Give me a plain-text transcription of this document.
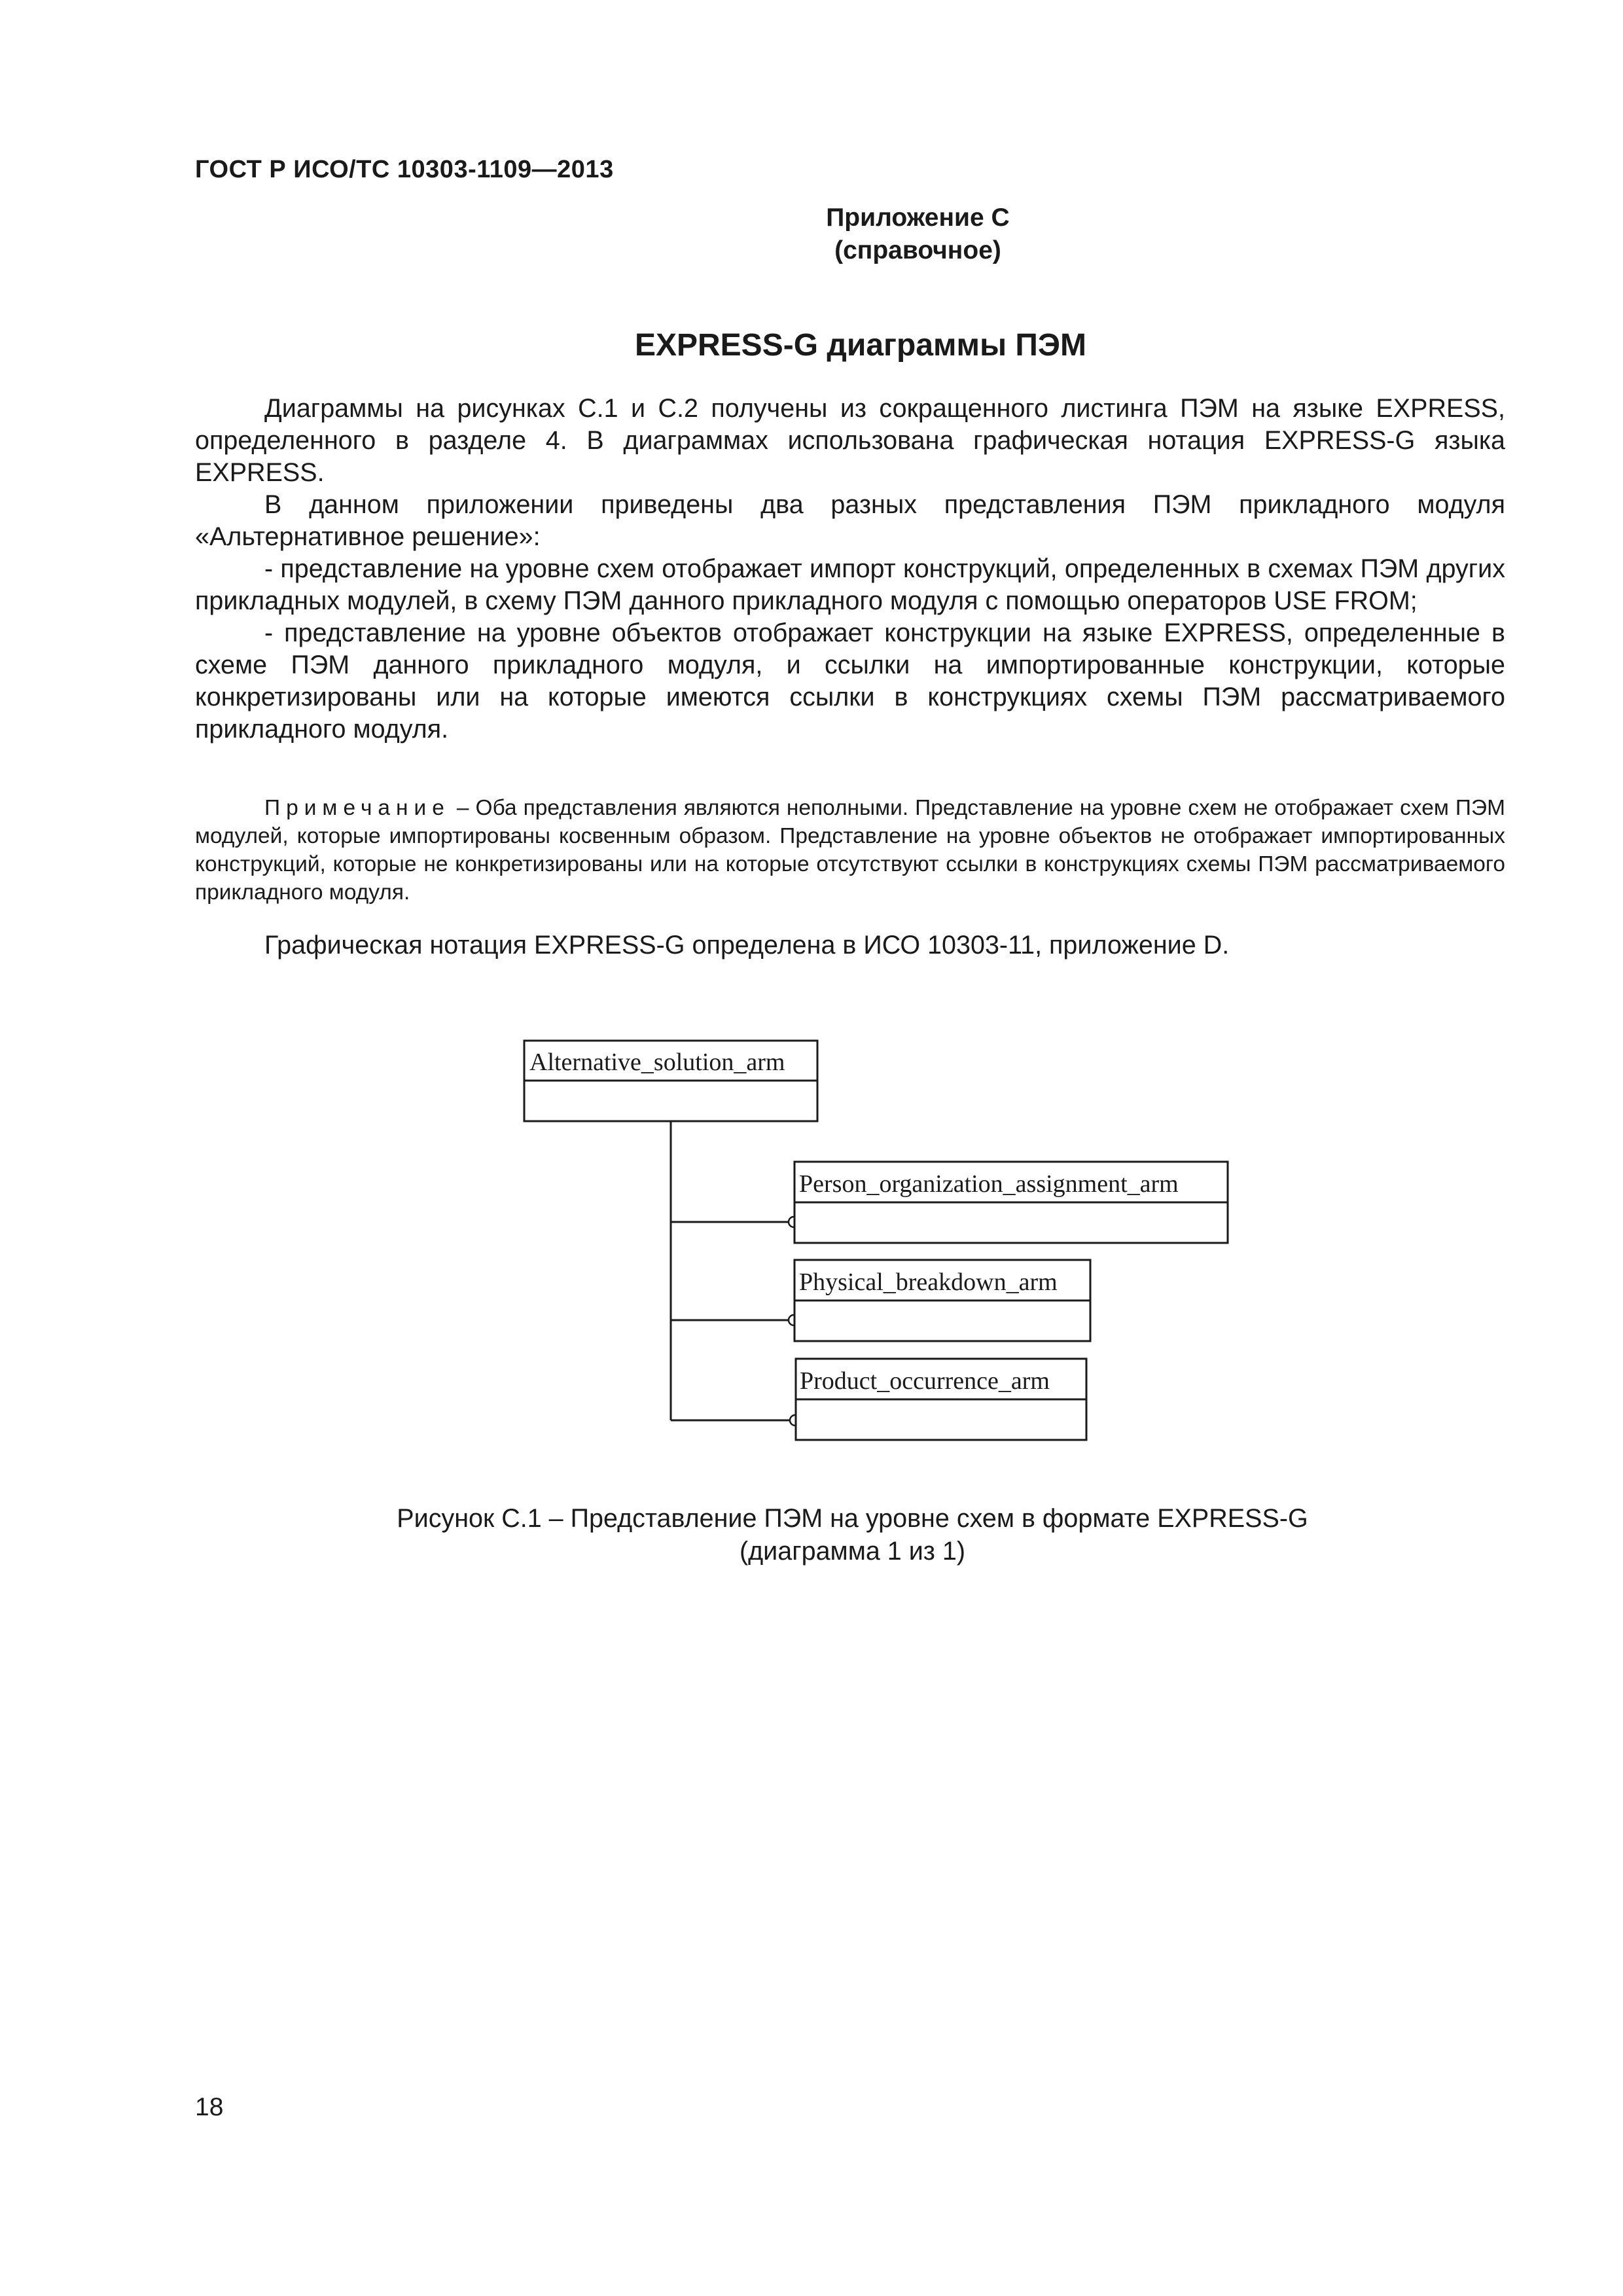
ГОСТ Р ИСО/ТС 10303-1109—2013
Приложение С
(справочное)
EXPRESS-G диаграммы ПЭМ

Диаграммы на рисунках С.1 и С.2 получены из сокращенного листинга ПЭМ на языке EXPRESS, определенного в разделе 4. В диаграммах использована графическая нотация EXPRESS-G языка EXPRESS.

В данном приложении приведены два разных представления ПЭМ прикладного модуля «Альтернативное решение»:

- представление на уровне схем отображает импорт конструкций, определенных в схемах ПЭМ других прикладных модулей, в схему ПЭМ данного прикладного модуля с помощью операторов USE FROM;

- представление на уровне объектов отображает конструкции на языке EXPRESS, определенные в схеме ПЭМ данного прикладного модуля, и ссылки на импортированные конструкции, которые конкретизированы или на которые имеются ссылки в конструкциях схемы ПЭМ рассматриваемого прикладного модуля.

Примечание – Оба представления являются неполными. Представление на уровне схем не отображает схем ПЭМ модулей, которые импортированы косвенным образом. Представление на уровне объектов не отображает импортированных конструкций, которые не конкретизированы или на которые отсутствуют ссылки в конструкциях схемы ПЭМ рассматриваемого прикладного модуля.

Графическая нотация EXPRESS-G определена в ИСО 10303-11, приложение D.
Alternative_solution_arm
Person_organization_assignment_arm
Physical_breakdown_arm
Product_occurrence_arm
Рисунок С.1 – Представление ПЭМ на уровне схем в формате EXPRESS-G
(диаграмма 1 из 1)
18
